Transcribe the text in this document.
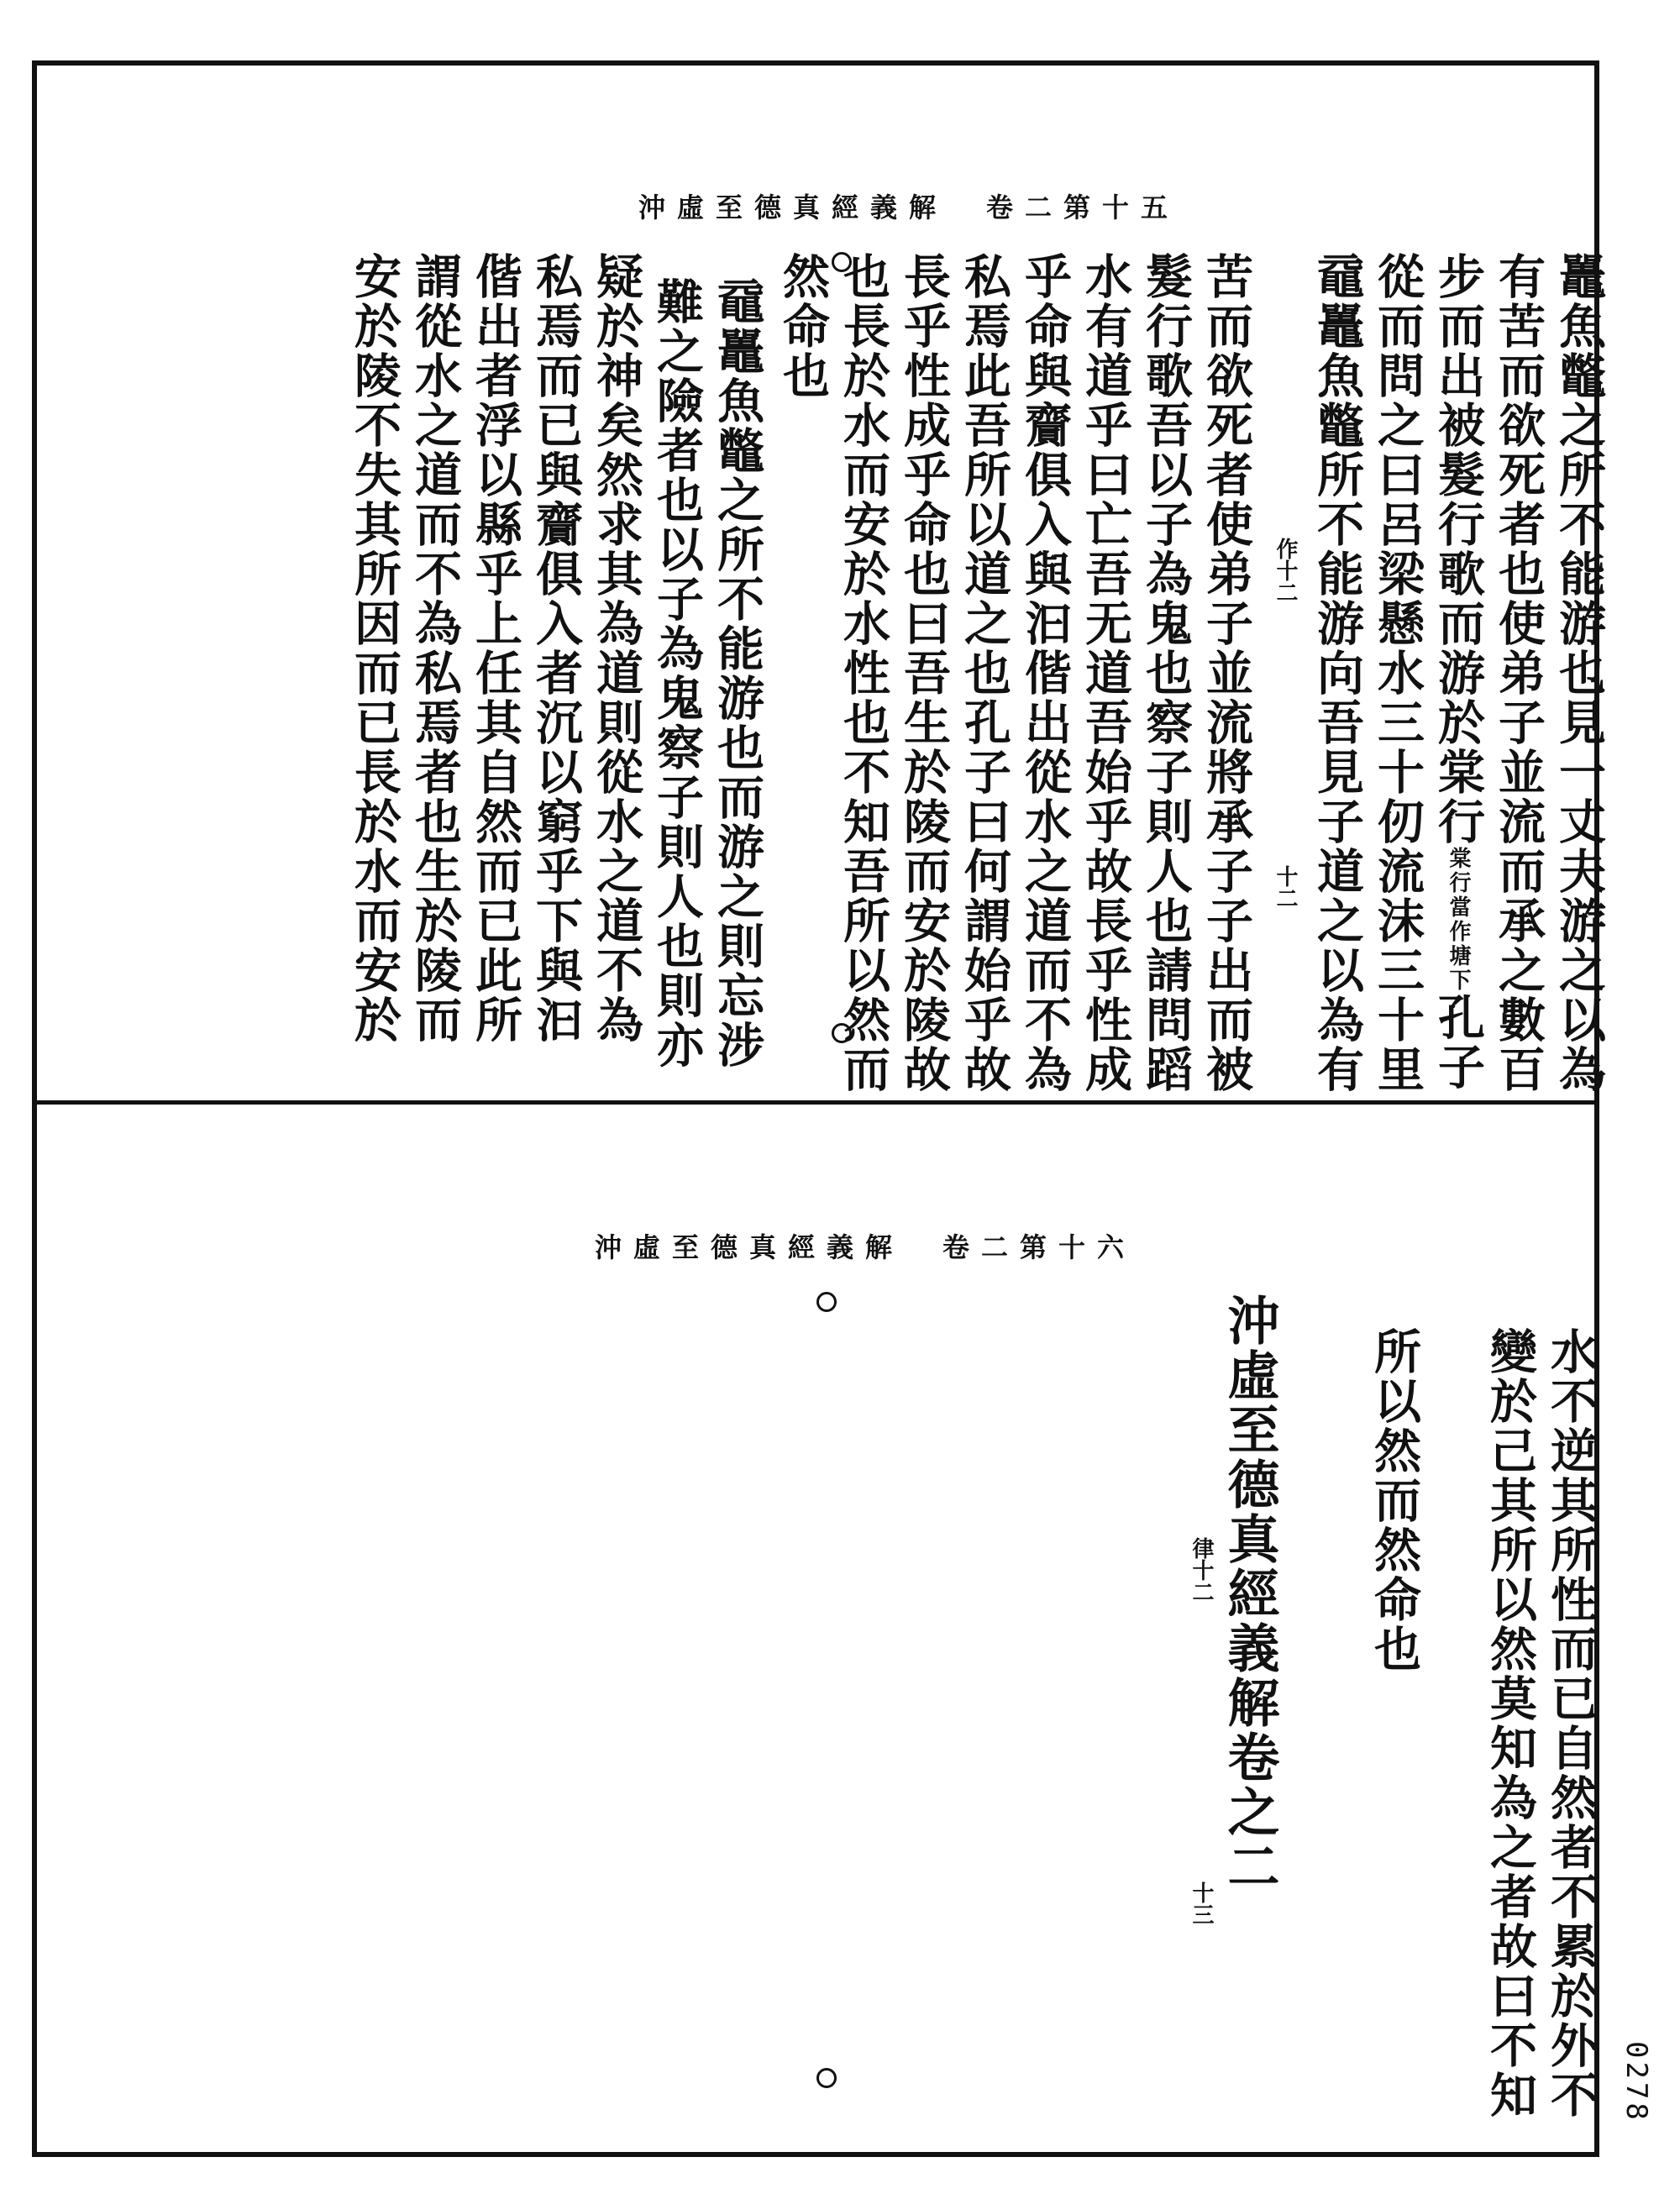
沖虛至德真經義解　卷二第十五
鼉魚鼈之所不能游也見一丈夫游之以為
有苦而欲死者也使弟子並流而承之數百
步而出被髮行歌而游於棠行棠行當作塘下孔子
從而問之曰呂梁懸水三十仞流沫三十里
黿鼉魚鼈所不能游向吾見子道之以為有
作十二
十二
苦而欲死者使弟子並流將承子子出而被
髮行歌吾以子為鬼也察子則人也請問蹈
水有道乎曰亡吾无道吾始乎故長乎性成
乎命與齎俱入與汩偕出從水之道而不為
私焉此吾所以道之也孔子曰何謂始乎故
長乎性成乎命也曰吾生於陵而安於陵故
也長於水而安於水性也不知吾所以然而
然命也
黿鼉魚鼈之所不能游也而游之則忘涉
難之險者也以子為鬼察子則人也則亦
疑於神矣然求其為道則從水之道不為
私焉而已與齎俱入者沉以窮乎下與汩
偕出者浮以縣乎上任其自然而已此所
謂從水之道而不為私焉者也生於陵而
安於陵不失其所因而已長於水而安於
沖虛至德真經義解　卷二第十六
水不逆其所性而已自然者不累於外不
變於己其所以然莫知為之者故曰不知
所以然而然命也
沖虛至德真經義解卷之二
律十二
十三
0278
